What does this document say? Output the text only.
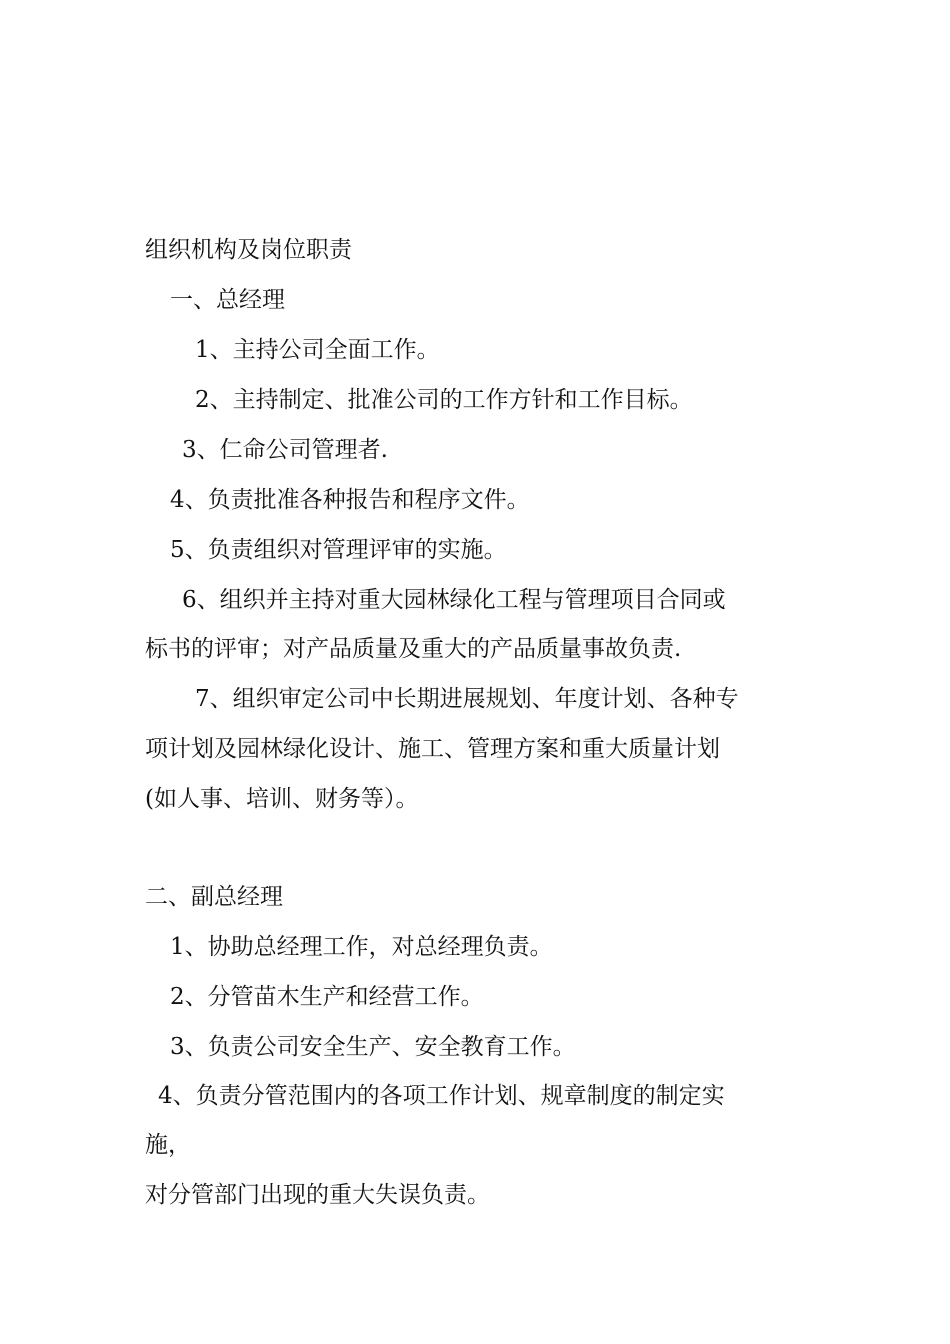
组织机构及岗位职责
一、总经理
1、主持公司全面工作。
2、主持制定、批准公司的工作方针和工作目标。
3、仁命公司管理者.
4、负责批准各种报告和程序文件。
5、负责组织对管理评审的实施。
6、组织并主持对重大园林绿化工程与管理项目合同或
标书的评审；对产品质量及重大的产品质量事故负责.
7、组织审定公司中长期进展规划、年度计划、各种专
项计划及园林绿化设计、施工、管理方案和重大质量计划
(如人事、培训、财务等）。
二、副总经理
1、协助总经理工作，对总经理负责。
2、分管苗木生产和经营工作。
3、负责公司安全生产、安全教育工作。
4、负责分管范围内的各项工作计划、规章制度的制定实
施，
对分管部门出现的重大失误负责。
